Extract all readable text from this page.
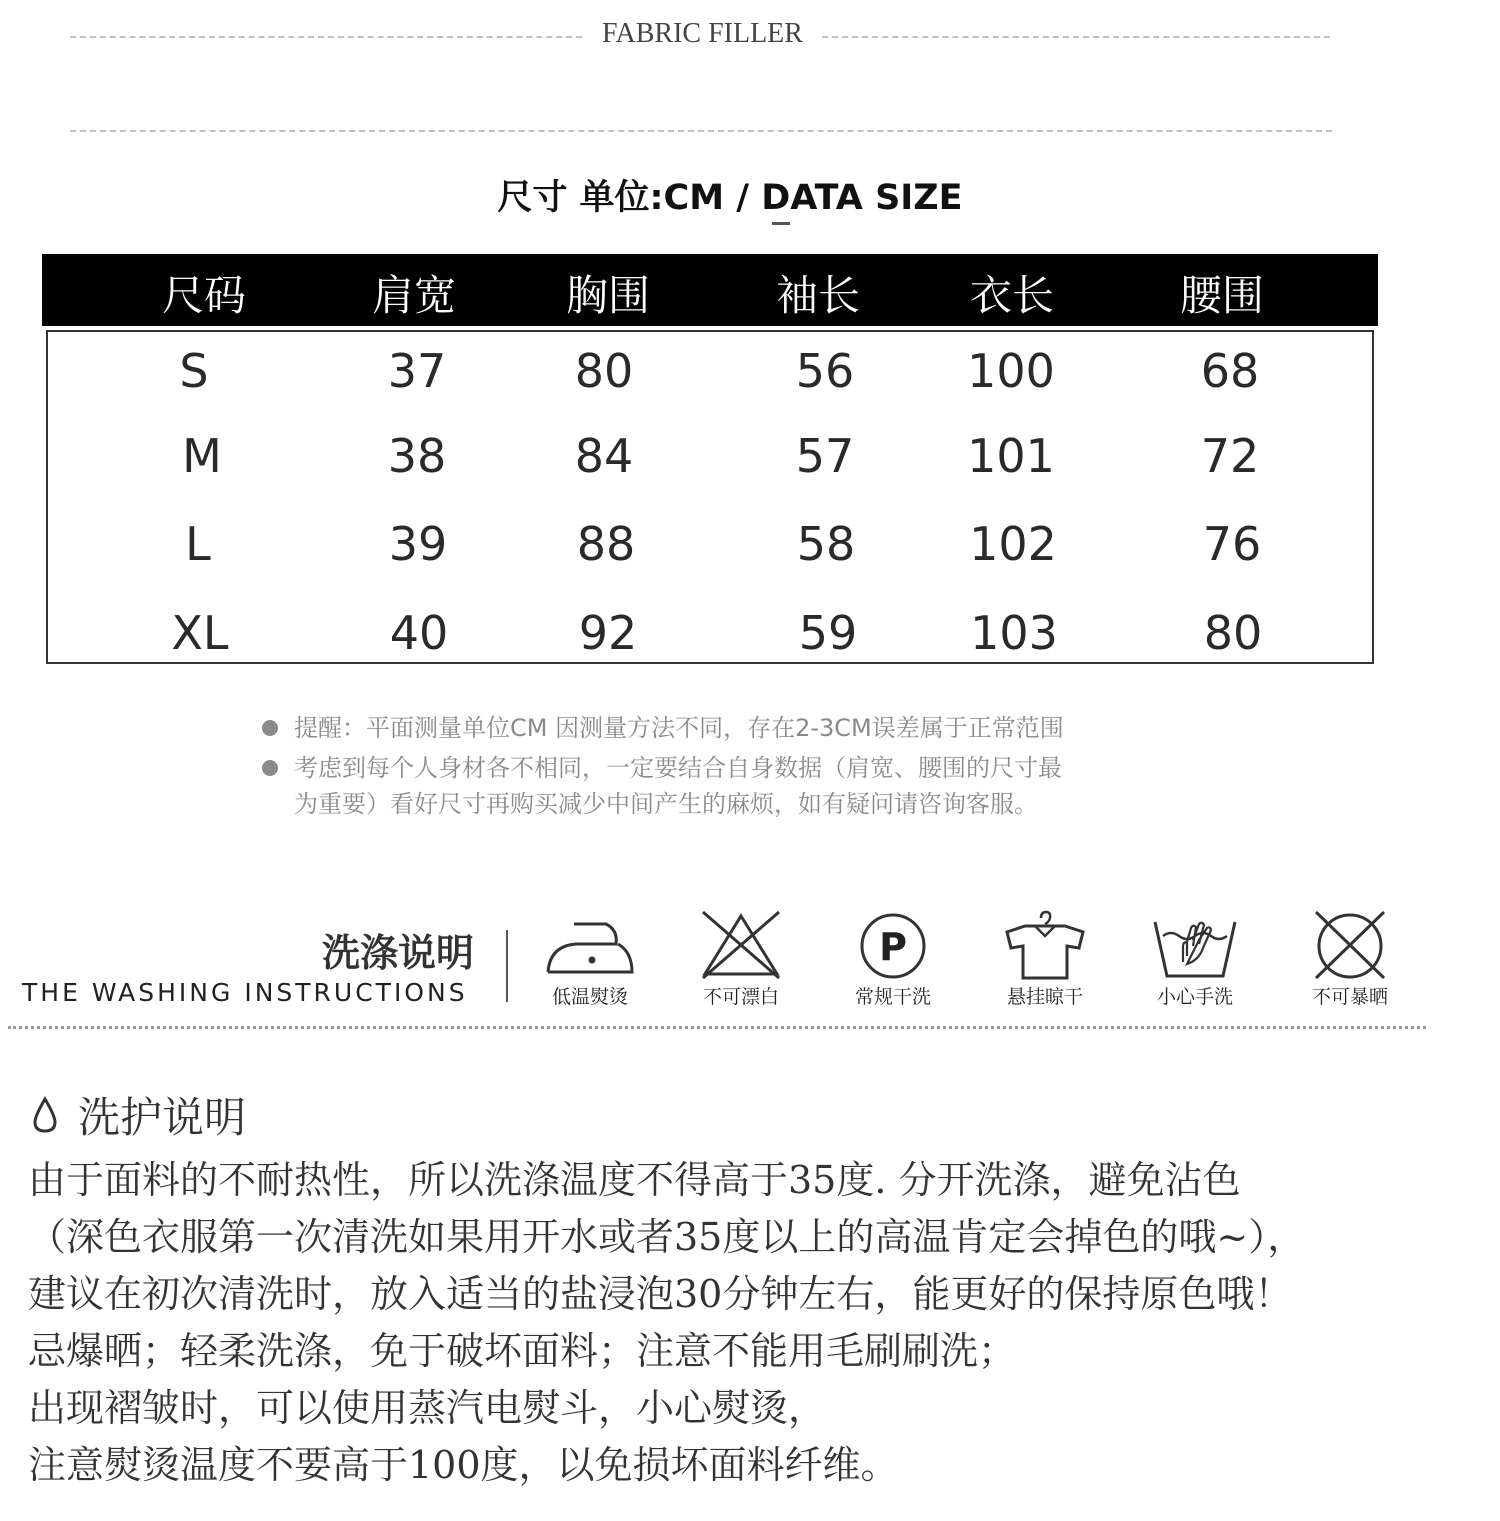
FABRIC FILLER
尺寸 单位:CM / DATA SIZE
尺码	肩宽	胸围	袖长	衣长	腰围
S	37	80	56	100	68
M	38	84	57	101	72
L	39	88	58	102	76
XL	40	92	59	103	80
提醒：平面测量单位CM 因测量方法不同，存在2-3CM误差属于正常范围
考虑到每个人身材各不相同，一定要结合自身数据（肩宽、腰围的尺寸最
为重要）看好尺寸再购买减少中间产生的麻烦，如有疑问请咨询客服。
洗涤说明
THE WASHING INSTRUCTIONS	低温熨烫	不可漂白
P
常规干洗	悬挂晾干	小心手洗	不可暴晒
洗护说明
由于面料的不耐热性，所以洗涤温度不得高于35度. 分开洗涤，避免沾色
（深色衣服第一次清洗如果用开水或者35度以上的高温肯定会掉色的哦~），
建议在初次清洗时，放入适当的盐浸泡30分钟左右，能更好的保持原色哦！
忌爆晒；轻柔洗涤，免于破坏面料；注意不能用毛刷刷洗；
出现褶皱时，可以使用蒸汽电熨斗，小心熨烫，
注意熨烫温度不要高于100度，以免损坏面料纤维。
